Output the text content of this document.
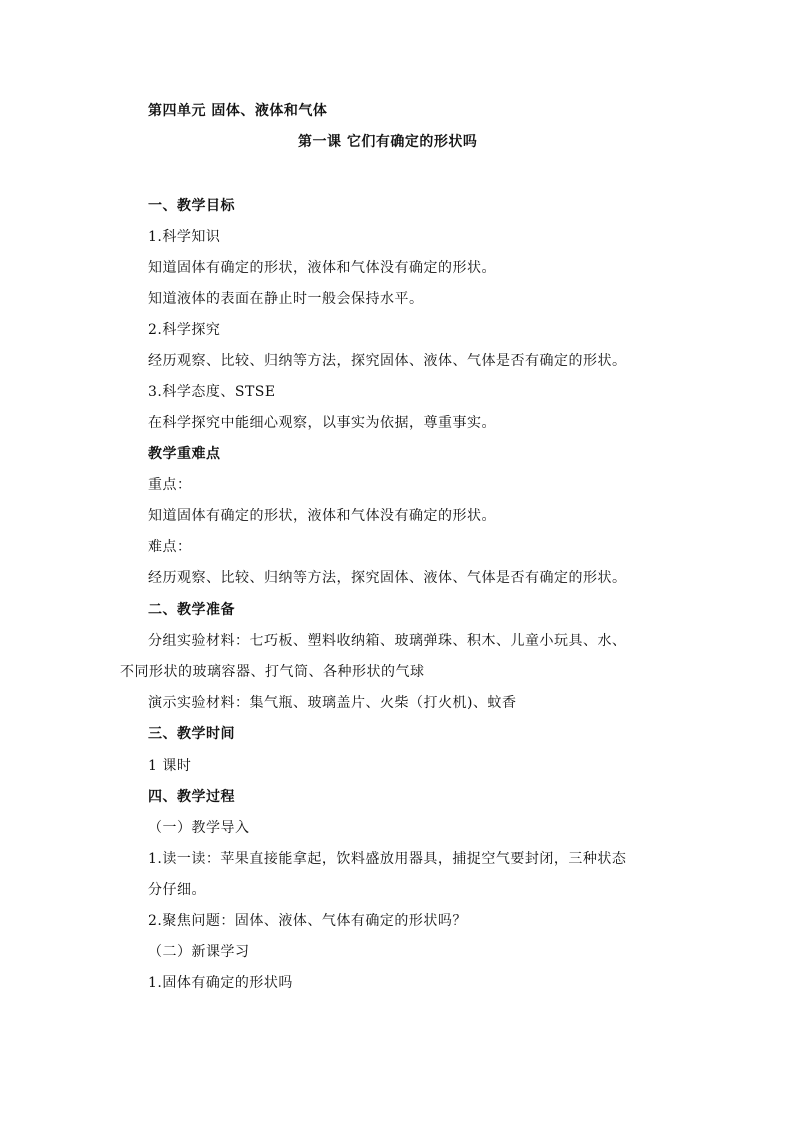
第四单元 固体、液体和气体
第一课 它们有确定的形状吗
一、教学目标
1.科学知识
知道固体有确定的形状，液体和气体没有确定的形状。
知道液体的表面在静止时一般会保持水平。
2.科学探究
经历观察、比较、归纳等方法，探究固体、液体、气体是否有确定的形状。
3.科学态度、STSE
在科学探究中能细心观察，以事实为依据，尊重事实。
教学重难点
重点：
知道固体有确定的形状，液体和气体没有确定的形状。
难点：
经历观察、比较、归纳等方法，探究固体、液体、气体是否有确定的形状。
二、教学准备
分组实验材料：七巧板、塑料收纳箱、玻璃弹珠、积木、儿童小玩具、水、
不同形状的玻璃容器、打气筒、各种形状的气球
演示实验材料：集气瓶、玻璃盖片、火柴（打火机)、蚊香
三、教学时间
1 课时
四、教学过程
（一）教学导入
1.读一读：苹果直接能拿起，饮料盛放用器具，捕捉空气要封闭，三种状态
分仔细。
2.聚焦问题：固体、液体、气体有确定的形状吗？
（二）新课学习
1.固体有确定的形状吗
